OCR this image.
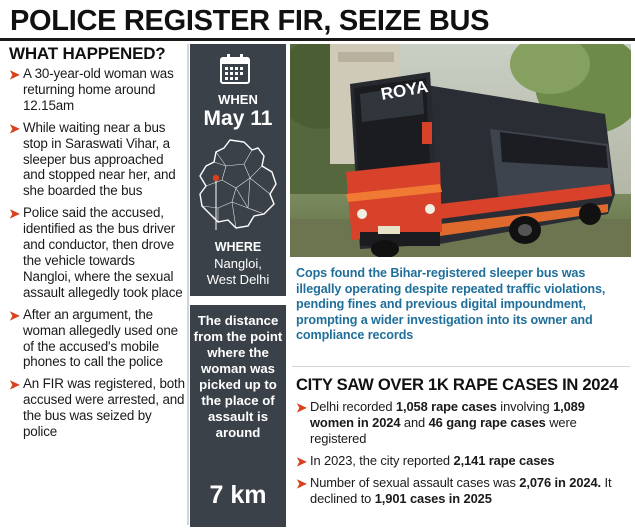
POLICE REGISTER FIR, SEIZE BUS
WHAT HAPPENED?
➤ A 30-year-old woman was returning home around 12.15am
➤ While waiting near a bus stop in Saraswati Vihar, a sleeper bus approached and stopped near her, and she boarded the bus
➤ Police said the accused, identified as the bus driver and conductor, then drove the vehicle towards Nangloi, where the sexual assault allegedly took place
➤ After an argument, the woman allegedly used one of the accused's mobile phones to call the police
➤ An FIR was registered, both accused were arrested, and the bus was seized by police
WHEN
May 11
WHERE
Nangloi,
West Delhi
The distance from the point where the woman was picked up to the place of assault is around
7 km
ROYA
Cops found the Bihar-registered sleeper bus was illegally operating despite repeated traffic violations, pending fines and previous digital impoundment, prompting a wider investigation into its owner and compliance records
CITY SAW OVER 1K RAPE CASES IN 2024
➤ Delhi recorded 1,058 rape cases involving 1,089 women in 2024 and 46 gang rape cases were registered
➤ In 2023, the city reported 2,141 rape cases
➤ Number of sexual assault cases was 2,076 in 2024. It declined to 1,901 cases in 2025
